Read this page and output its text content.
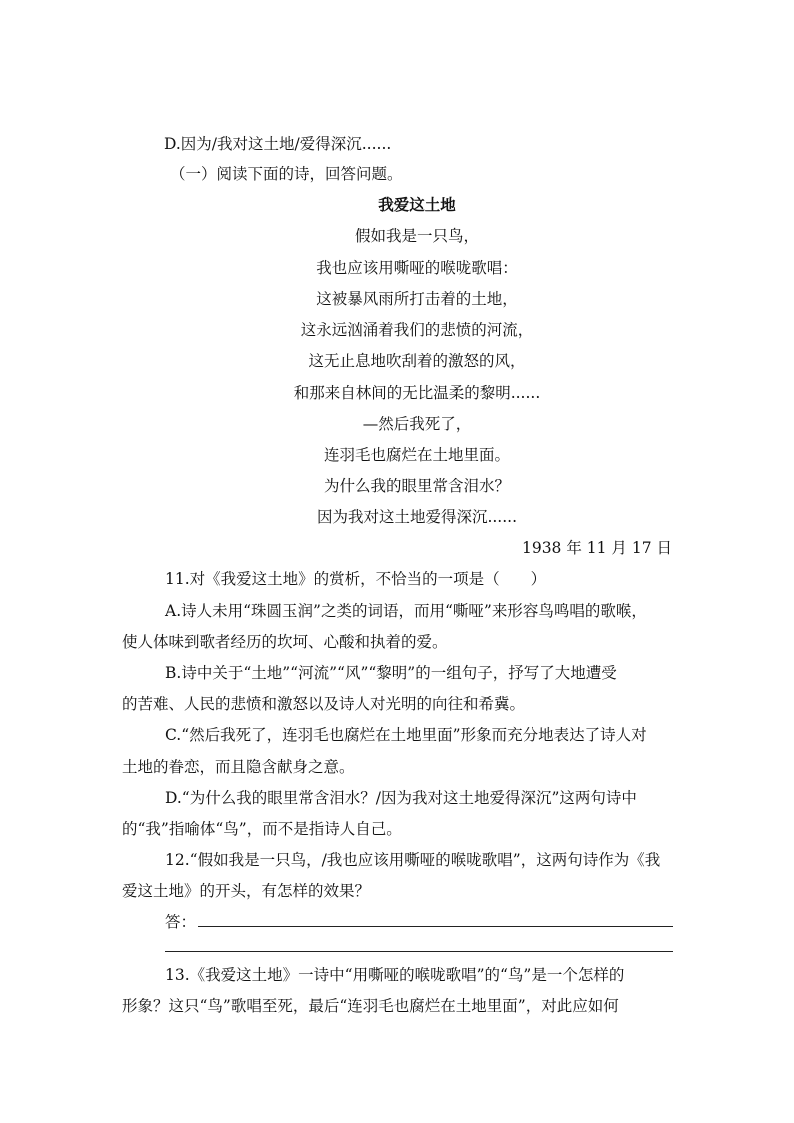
D.因为/我对这土地/爱得深沉......
（一）阅读下面的诗，回答问题。
我爱这土地
假如我是一只鸟，
我也应该用嘶哑的喉咙歌唱：
这被暴风雨所打击着的土地，
这永远汹涌着我们的悲愤的河流，
这无止息地吹刮着的激怒的风，
和那来自林间的无比温柔的黎明......
—然后我死了，
连羽毛也腐烂在土地里面。
为什么我的眼里常含泪水？
因为我对这土地爱得深沉......
1938 年 11 月 17 日
11.对《我爱这土地》的赏析，不恰当的一项是（　　）
A.诗人未用“珠圆玉润”之类的词语，而用“嘶哑”来形容鸟鸣唱的歌喉，
使人体味到歌者经历的坎坷、心酸和执着的爱。
B.诗中关于“土地”“河流”“风”“黎明”的一组句子，抒写了大地遭受
的苦难、人民的悲愤和激怒以及诗人对光明的向往和希冀。
C.“然后我死了，连羽毛也腐烂在土地里面”形象而充分地表达了诗人对
土地的眷恋，而且隐含献身之意。
D.“为什么我的眼里常含泪水？/因为我对这土地爱得深沉”这两句诗中
的“我”指喻体“鸟”，而不是指诗人自己。
12.“假如我是一只鸟，/我也应该用嘶哑的喉咙歌唱”，这两句诗作为《我
爱这土地》的开头，有怎样的效果？
答：
13.《我爱这土地》一诗中“用嘶哑的喉咙歌唱”的“鸟”是一个怎样的
形象？这只“鸟”歌唱至死，最后“连羽毛也腐烂在土地里面”，对此应如何
